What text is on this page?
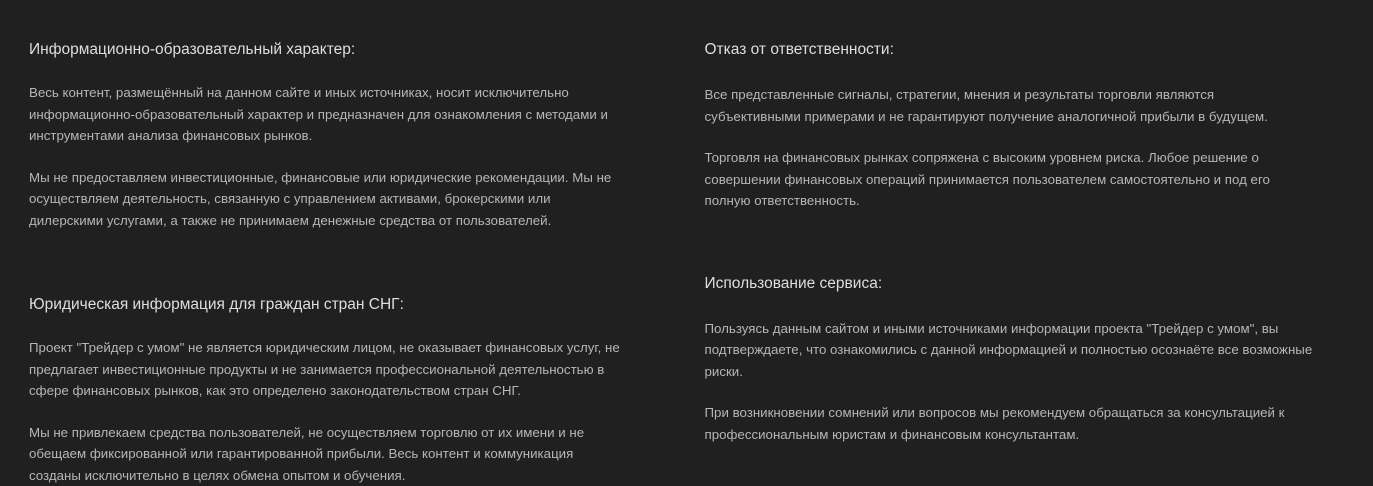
Информационно-образовательный характер:

Весь контент, размещённый на данном сайте и иных источниках, носит исключительно информационно-образовательный характер и предназначен для ознакомления с методами и инструментами анализа финансовых рынков.

Мы не предоставляем инвестиционные, финансовые или юридические рекомендации. Мы не осуществляем деятельность, связанную с управлением активами, брокерскими или дилерскими услугами, а также не принимаем денежные средства от пользователей.

Юридическая информация для граждан стран СНГ:

Проект "Трейдер с умом" не является юридическим лицом, не оказывает финансовых услуг, не предлагает инвестиционные продукты и не занимается профессиональной деятельностью в сфере финансовых рынков, как это определено законодательством стран СНГ.

Мы не привлекаем средства пользователей, не осуществляем торговлю от их имени и не обещаем фиксированной или гарантированной прибыли. Весь контент и коммуникация созданы исключительно в целях обмена опытом и обучения.

Отказ от ответственности:

Все представленные сигналы, стратегии, мнения и результаты торговли являются субъективными примерами и не гарантируют получение аналогичной прибыли в будущем.

Торговля на финансовых рынках сопряжена с высоким уровнем риска. Любое решение о совершении финансовых операций принимается пользователем самостоятельно и под его полную ответственность.

Использование сервиса:

Пользуясь данным сайтом и иными источниками информации проекта "Трейдер с умом", вы подтверждаете, что ознакомились с данной информацией и полностью осознаёте все возможные риски.

При возникновении сомнений или вопросов мы рекомендуем обращаться за консультацией к профессиональным юристам и финансовым консультантам.
